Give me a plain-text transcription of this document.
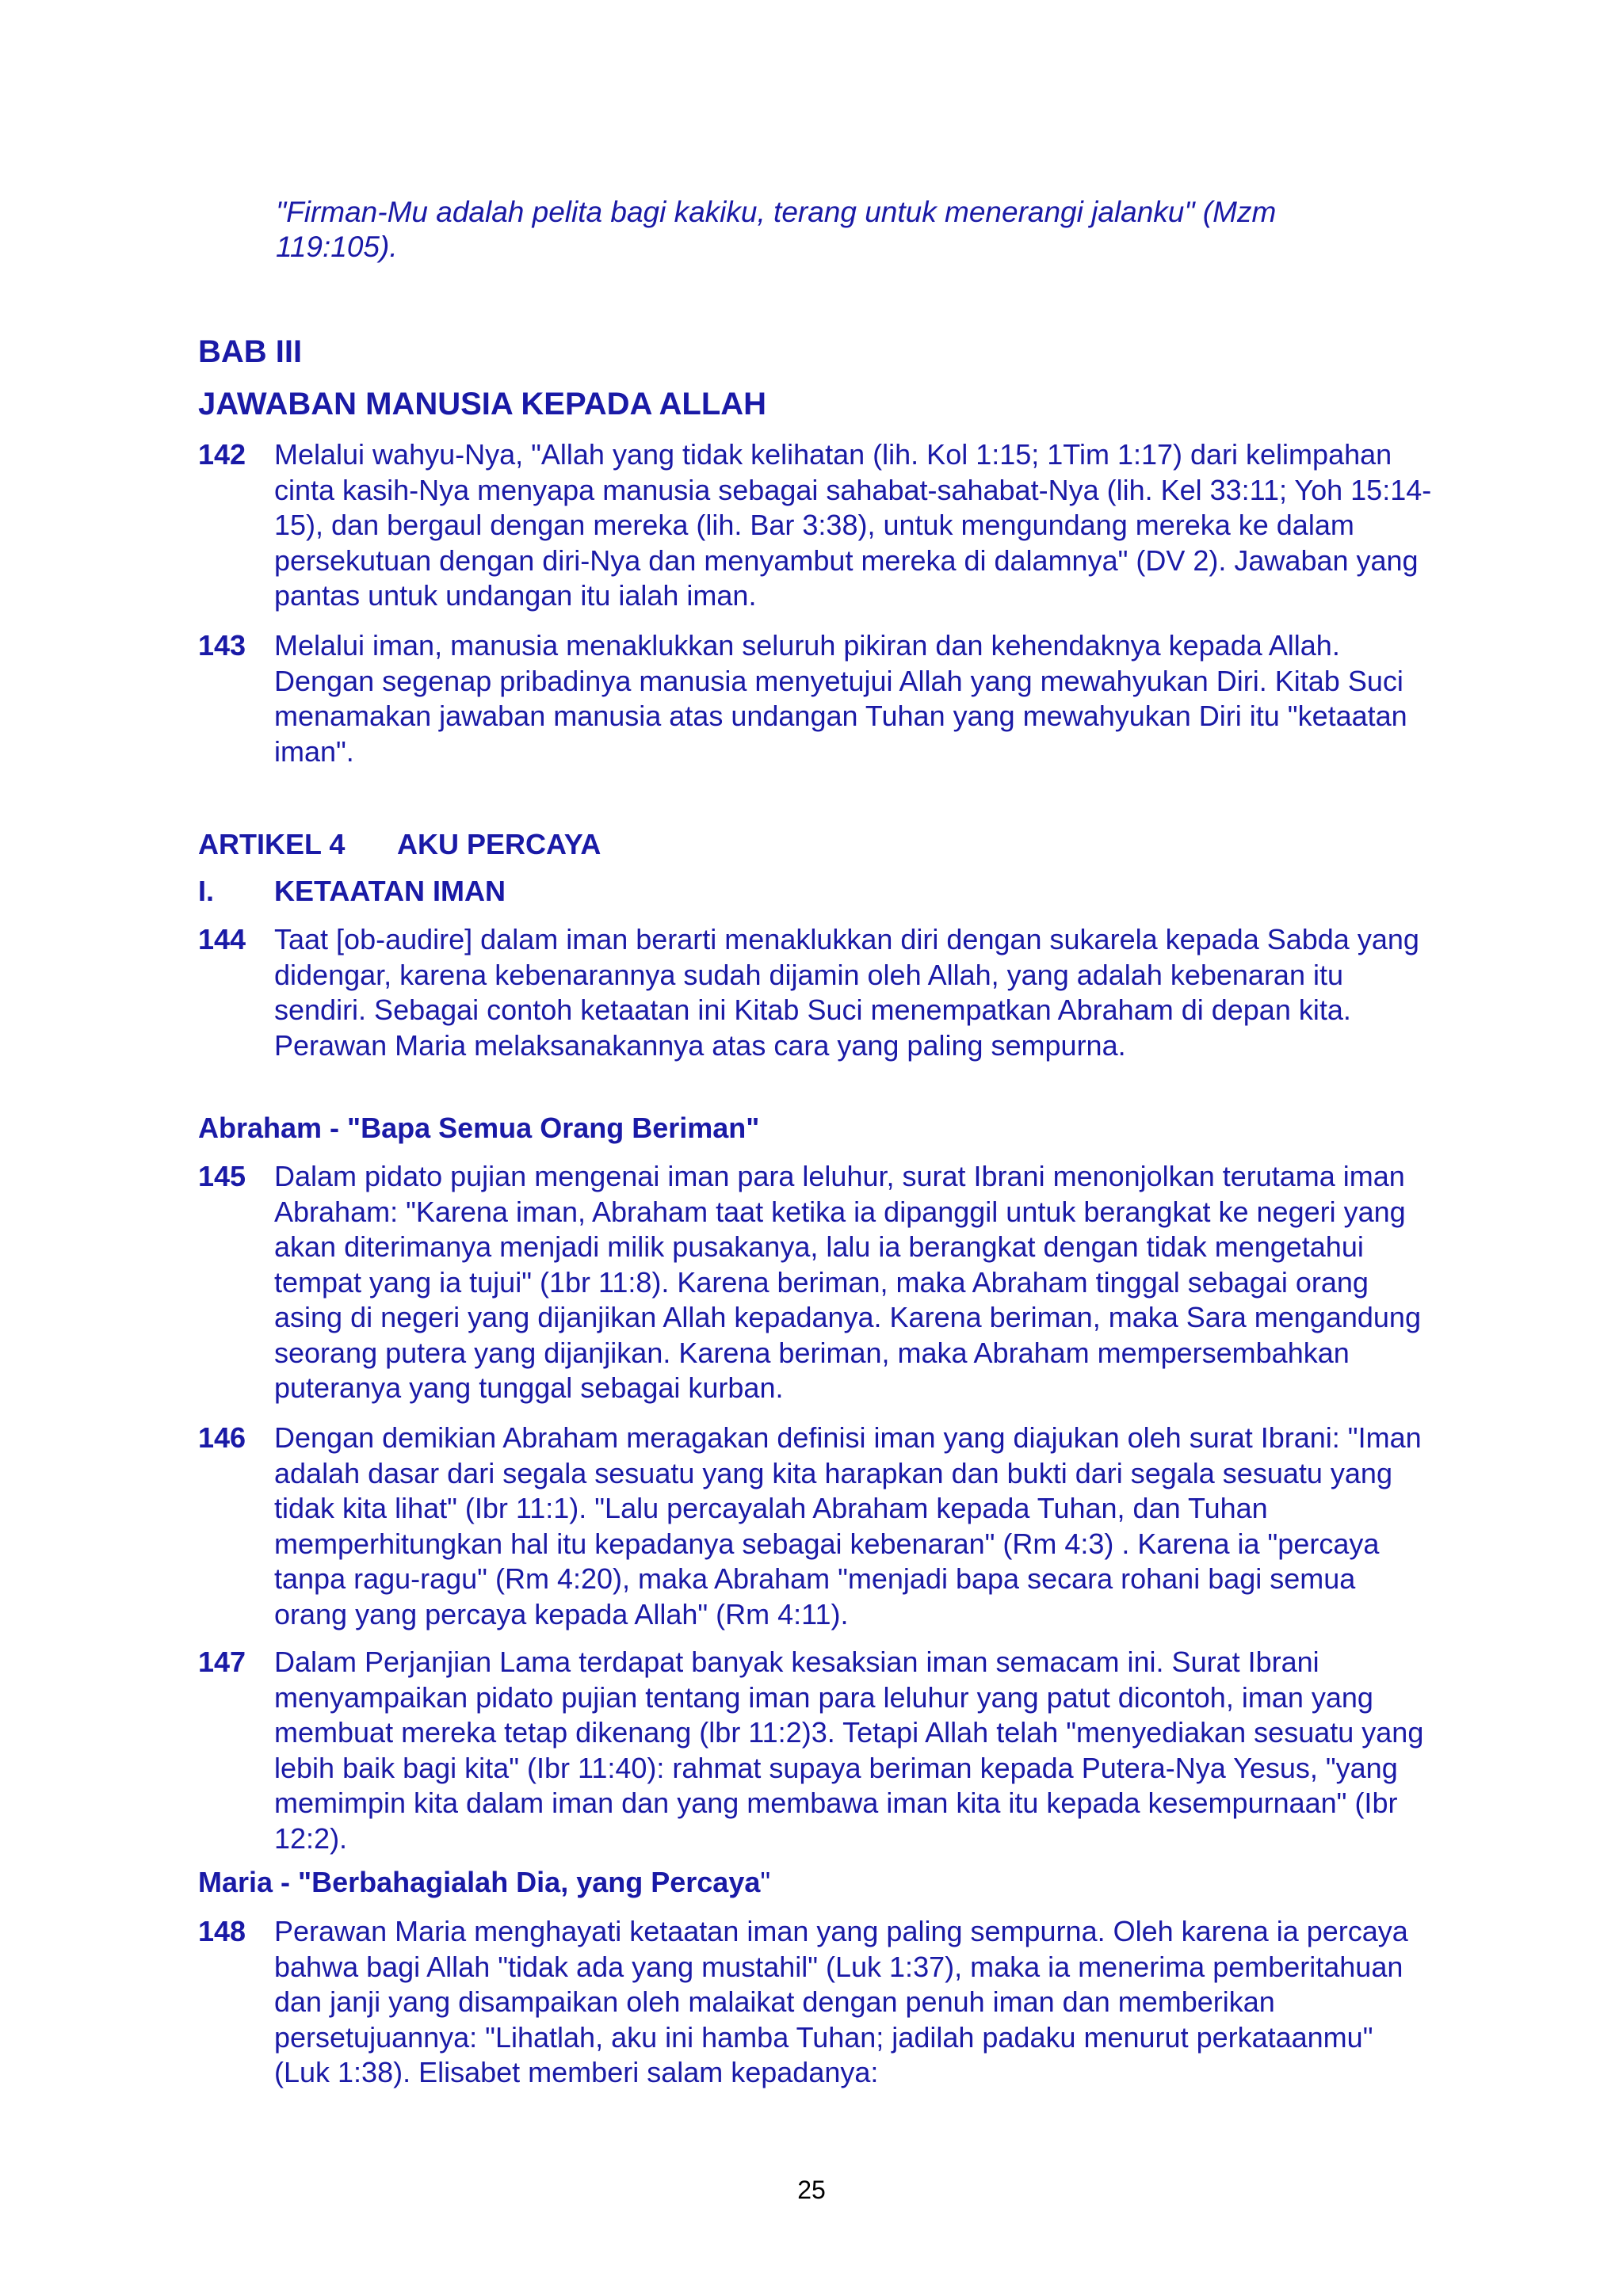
"Firman-Mu adalah pelita bagi kakiku, terang untuk menerangi jalanku" (Mzm 119:105).
BAB III
JAWABAN MANUSIA KEPADA ALLAH
142 Melalui wahyu-Nya, "Allah yang tidak kelihatan (lih. Kol 1:15; 1Tim 1:17) dari kelimpahan cinta kasih-Nya menyapa manusia sebagai sahabat-sahabat-Nya (lih. Kel 33:11; Yoh 15:14-15), dan bergaul dengan mereka (lih. Bar 3:38), untuk mengundang mereka ke dalam persekutuan dengan diri-Nya dan menyambut mereka di dalamnya" (DV 2). Jawaban yang pantas untuk undangan itu ialah iman.
143 Melalui iman, manusia menaklukkan seluruh pikiran dan kehendaknya kepada Allah. Dengan segenap pribadinya manusia menyetujui Allah yang mewahyukan Diri. Kitab Suci menamakan jawaban manusia atas undangan Tuhan yang mewahyukan Diri itu "ketaatan iman".
ARTIKEL 4 AKU PERCAYA
I. KETAATAN IMAN
144 Taat [ob-audire] dalam iman berarti menaklukkan diri dengan sukarela kepada Sabda yang didengar, karena kebenarannya sudah dijamin oleh Allah, yang adalah kebenaran itu sendiri. Sebagai contoh ketaatan ini Kitab Suci menempatkan Abraham di depan kita. Perawan Maria melaksanakannya atas cara yang paling sempurna.
Abraham - "Bapa Semua Orang Beriman"
145 Dalam pidato pujian mengenai iman para leluhur, surat Ibrani menonjolkan terutama iman Abraham: "Karena iman, Abraham taat ketika ia dipanggil untuk berangkat ke negeri yang akan diterimanya menjadi milik pusakanya, lalu ia berangkat dengan tidak mengetahui tempat yang ia tujui" (1br 11:8). Karena beriman, maka Abraham tinggal sebagai orang asing di negeri yang dijanjikan Allah kepadanya. Karena beriman, maka Sara mengandung seorang putera yang dijanjikan. Karena beriman, maka Abraham mempersembahkan puteranya yang tunggal sebagai kurban.
146 Dengan demikian Abraham meragakan definisi iman yang diajukan oleh surat Ibrani: "Iman adalah dasar dari segala sesuatu yang kita harapkan dan bukti dari segala sesuatu yang tidak kita lihat" (Ibr 11:1). "Lalu percayalah Abraham kepada Tuhan, dan Tuhan memperhitungkan hal itu kepadanya sebagai kebenaran" (Rm 4:3) . Karena ia "percaya tanpa ragu-ragu" (Rm 4:20), maka Abraham "menjadi bapa secara rohani bagi semua orang yang percaya kepada Allah" (Rm 4:11).
147 Dalam Perjanjian Lama terdapat banyak kesaksian iman semacam ini. Surat Ibrani menyampaikan pidato pujian tentang iman para leluhur yang patut dicontoh, iman yang membuat mereka tetap dikenang (lbr 11:2)3. Tetapi Allah telah "menyediakan sesuatu yang lebih baik bagi kita" (Ibr 11:40): rahmat supaya beriman kepada Putera-Nya Yesus, "yang memimpin kita dalam iman dan yang membawa iman kita itu kepada kesempurnaan" (Ibr 12:2).
Maria - "Berbahagialah Dia, yang Percaya"
148 Perawan Maria menghayati ketaatan iman yang paling sempurna. Oleh karena ia percaya bahwa bagi Allah "tidak ada yang mustahil" (Luk 1:37), maka ia menerima pemberitahuan dan janji yang disampaikan oleh malaikat dengan penuh iman dan memberikan persetujuannya: "Lihatlah, aku ini hamba Tuhan; jadilah padaku menurut perkataanmu" (Luk 1:38). Elisabet memberi salam kepadanya:
25
